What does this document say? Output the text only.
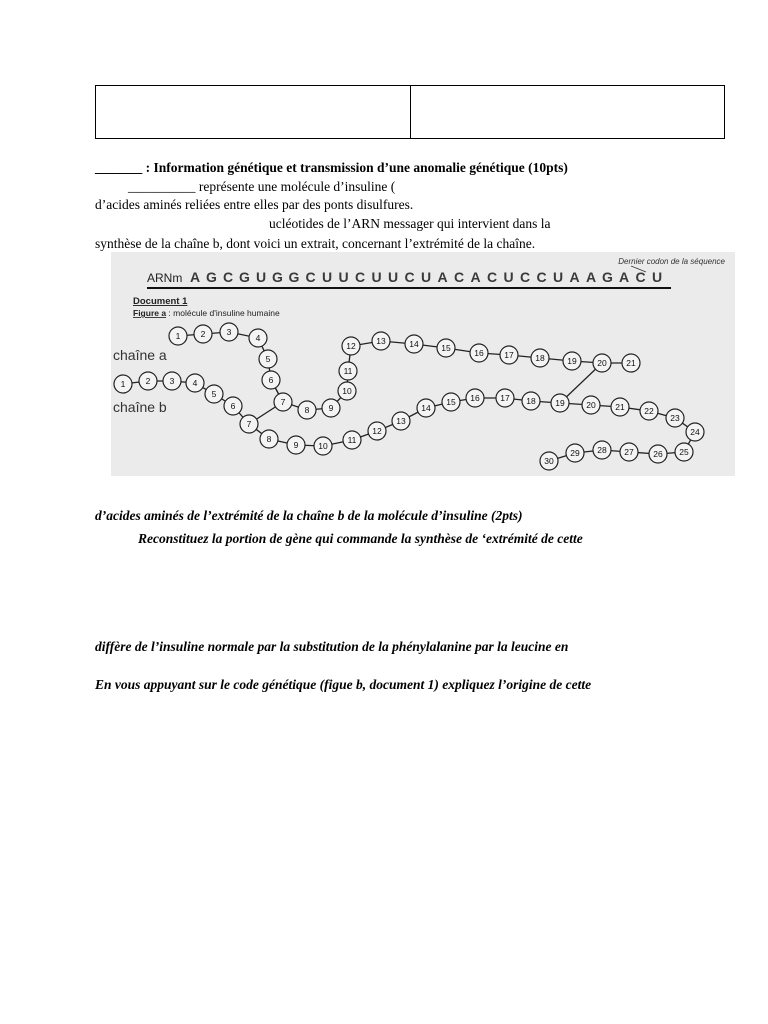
_______ : Information génétique et transmission d’une anomalie génétique (10pts)
__________ représente une molécule d’insuline (
d’acides aminés reliées entre elles par des ponts disulfures.
ucléotides de l’ARN messager qui intervient dans la
synthèse de la chaîne b, dont voici un extrait, concernant l’extrémité de la chaîne.
ARNm A G C G U G G C U U C U U C U A C A C U C C U A A G A C U
Dernier codon de la séquence
Document 1
Figure a : molécule d'insuline humaine
chaîne a
chaîne b
1 2	3
4
5
6
7
8 9
10
11
12 13	14	15	16 17	18	19 20 21
1 2 3 4
5
6
7
8
9 10
11
12
13
14
15 16 17 18 19	20 21 22
23
24
25
26
27
28
29
30
d’acides aminés de l’extrémité de la chaîne b de la molécule d’insuline (2pts)
Reconstituez la portion de gène qui commande la synthèse de ‘extrémité de cette
diffère de l’insuline normale par la substitution de la phénylalanine par la leucine en
En vous appuyant sur le code génétique (figue b, document 1) expliquez l’origine de cette
